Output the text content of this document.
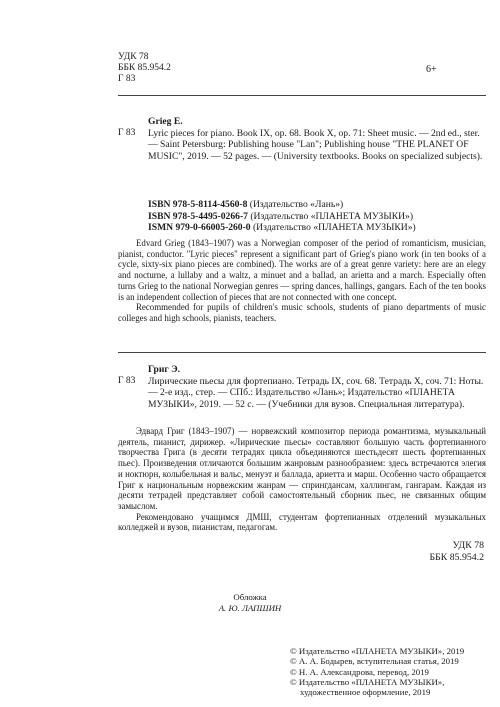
УДК 78
ББК 85.954.2
Г 83
6+
Г 83
Grieg E.
Lyric pieces for piano. Book IX, op. 68. Book X, op. 71: Sheet music. — 2nd ed., ster. — Saint Petersburg: Publishing house "Lan"; Publishing house "THE PLANET OF MUSIC", 2019. — 52 pages. — (University textbooks. Books on specialized subjects).
ISBN 978-5-8114-4560-8 (Издательство «Лань»)
ISBN 978-5-4495-0266-7 (Издательство «ПЛАНЕТА МУЗЫКИ»)
ISMN 979-0-66005-260-0 (Издательство «ПЛАНЕТА МУЗЫКИ»)

Edvard Grieg (1843–1907) was a Norwegian composer of the period of romanticism, musician, pianist, conductor. "Lyric pieces" represent a significant part of Grieg's piano work (in ten books of a cycle, sixty-six piano pieces are combined). The works are of a great genre variety: here are an elegy and nocturne, a lullaby and a waltz, a minuet and a ballad, an arietta and a march. Especially often turns Grieg to the national Norwegian genres — spring dances, hallings, gangars. Each of the ten books is an independent collection of pieces that are not connected with one concept.

Recommended for pupils of children's music schools, students of piano departments of music colleges and high schools, pianists, teachers.

Г 83
Григ Э.
Лирические пьесы для фортепиано. Тетрадь IX, соч. 68. Тетрадь X, соч. 71: Ноты. — 2-е изд., стер. — СПб.: Издательство «Лань»; Издательство «ПЛАНЕТА МУЗЫКИ», 2019. — 52 с. — (Учебники для вузов. Специальная литература).

Эдвард Григ (1843–1907) — норвежский композитор периода романтизма, музыкальный деятель, пианист, дирижер. «Лирические пьесы» составляют большую часть фортепианного творчества Грига (в десяти тетрадях цикла объединяются шестьдесят шесть фортепианных пьес). Произведения отличаются большим жанровым разнообразием: здесь встречаются элегия и ноктюрн, колыбельная и вальс, менуэт и баллада, ариетта и марш. Особенно часто обращается Григ к национальным норвежским жанрам — спрингдансам, халлингам, гангарам. Каждая из десяти тетрадей представляет собой самостоятельный сборник пьес, не связанных общим замыслом.

Рекомендовано учащимся ДМШ, студентам фортепианных отделений музыкальных колледжей и вузов, пианистам, педагогам.

УДК 78
ББК 85.954.2
Обложка
А. Ю. ЛАПШИН
© Издательство «ПЛАНЕТА МУЗЫКИ», 2019
© А. А. Бодырев, вступительная статья, 2019
© Н. А. Александрова, перевод, 2019
© Издательство «ПЛАНЕТА МУЗЫКИ», художественное оформление, 2019
